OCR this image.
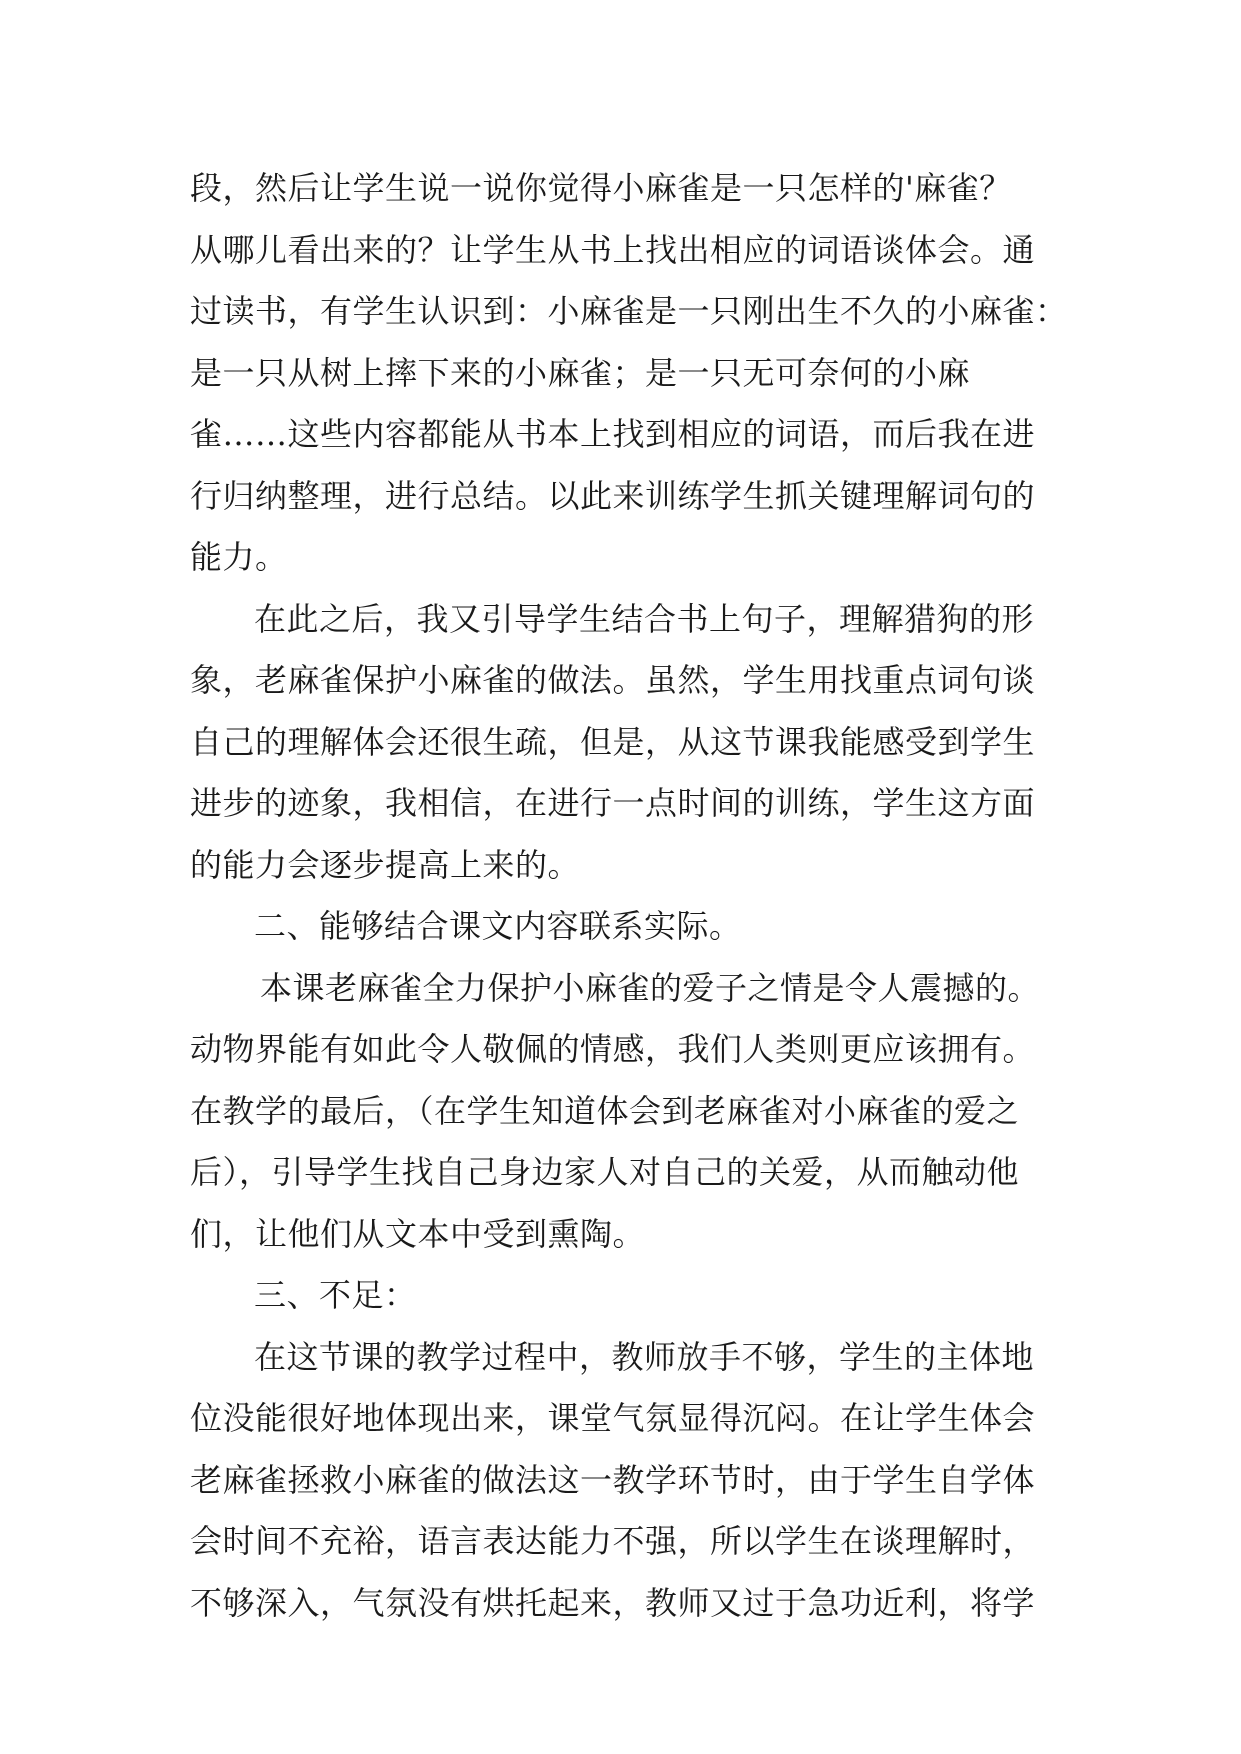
段，然后让学生说一说你觉得小麻雀是一只怎样的'麻雀？
从哪儿看出来的？让学生从书上找出相应的词语谈体会。通
过读书，有学生认识到：小麻雀是一只刚出生不久的小麻雀：
是一只从树上摔下来的小麻雀；是一只无可奈何的小麻
雀……这些内容都能从书本上找到相应的词语，而后我在进
行归纳整理，进行总结。以此来训练学生抓关键理解词句的
能力。
在此之后，我又引导学生结合书上句子，理解猎狗的形
象，老麻雀保护小麻雀的做法。虽然，学生用找重点词句谈
自己的理解体会还很生疏，但是，从这节课我能感受到学生
进步的迹象，我相信，在进行一点时间的训练，学生这方面
的能力会逐步提高上来的。
二、能够结合课文内容联系实际。
本课老麻雀全力保护小麻雀的爱子之情是令人震撼的。
动物界能有如此令人敬佩的情感，我们人类则更应该拥有。
在教学的最后，（在学生知道体会到老麻雀对小麻雀的爱之
后），引导学生找自己身边家人对自己的关爱，从而触动他
们，让他们从文本中受到熏陶。
三、不足：
在这节课的教学过程中，教师放手不够，学生的主体地
位没能很好地体现出来，课堂气氛显得沉闷。在让学生体会
老麻雀拯救小麻雀的做法这一教学环节时，由于学生自学体
会时间不充裕，语言表达能力不强，所以学生在谈理解时，
不够深入，气氛没有烘托起来，教师又过于急功近利，将学
